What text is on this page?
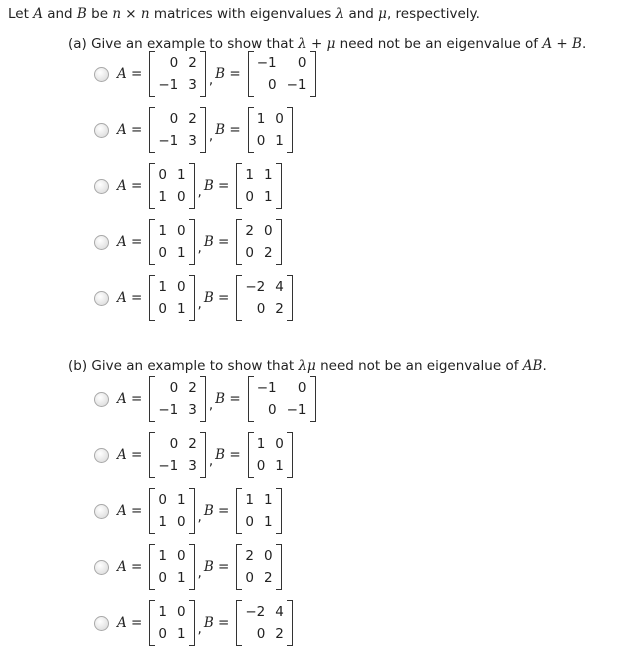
Let A and B be n × n matrices with eigenvalues λ and μ, respectively.
(a) Give an example to show that λ + μ need not be an eigenvalue of A + B.
(b) Give an example to show that λμ need not be an eigenvalue of AB.
A =
0 2
−1 3 , B =
−1	0
0 −1
A =
0 2
−1 3 , B =
1 0
0 1
A =
0 1
1 0 , B =
1 1
0 1
A =
1 0
0 1 , B =
2 0
0 2
A =
1 0
0 1 , B =
−2 4
0 2
A =
0 2
−1 3 , B =
−1	0
0 −1
A =
0 2
−1 3 , B =
1 0
0 1
A =
0 1
1 0 , B =
1 1
0 1
A =
1 0
0 1 , B =
2 0
0 2
A =
1 0
0 1 , B =
−2 4
0 2
